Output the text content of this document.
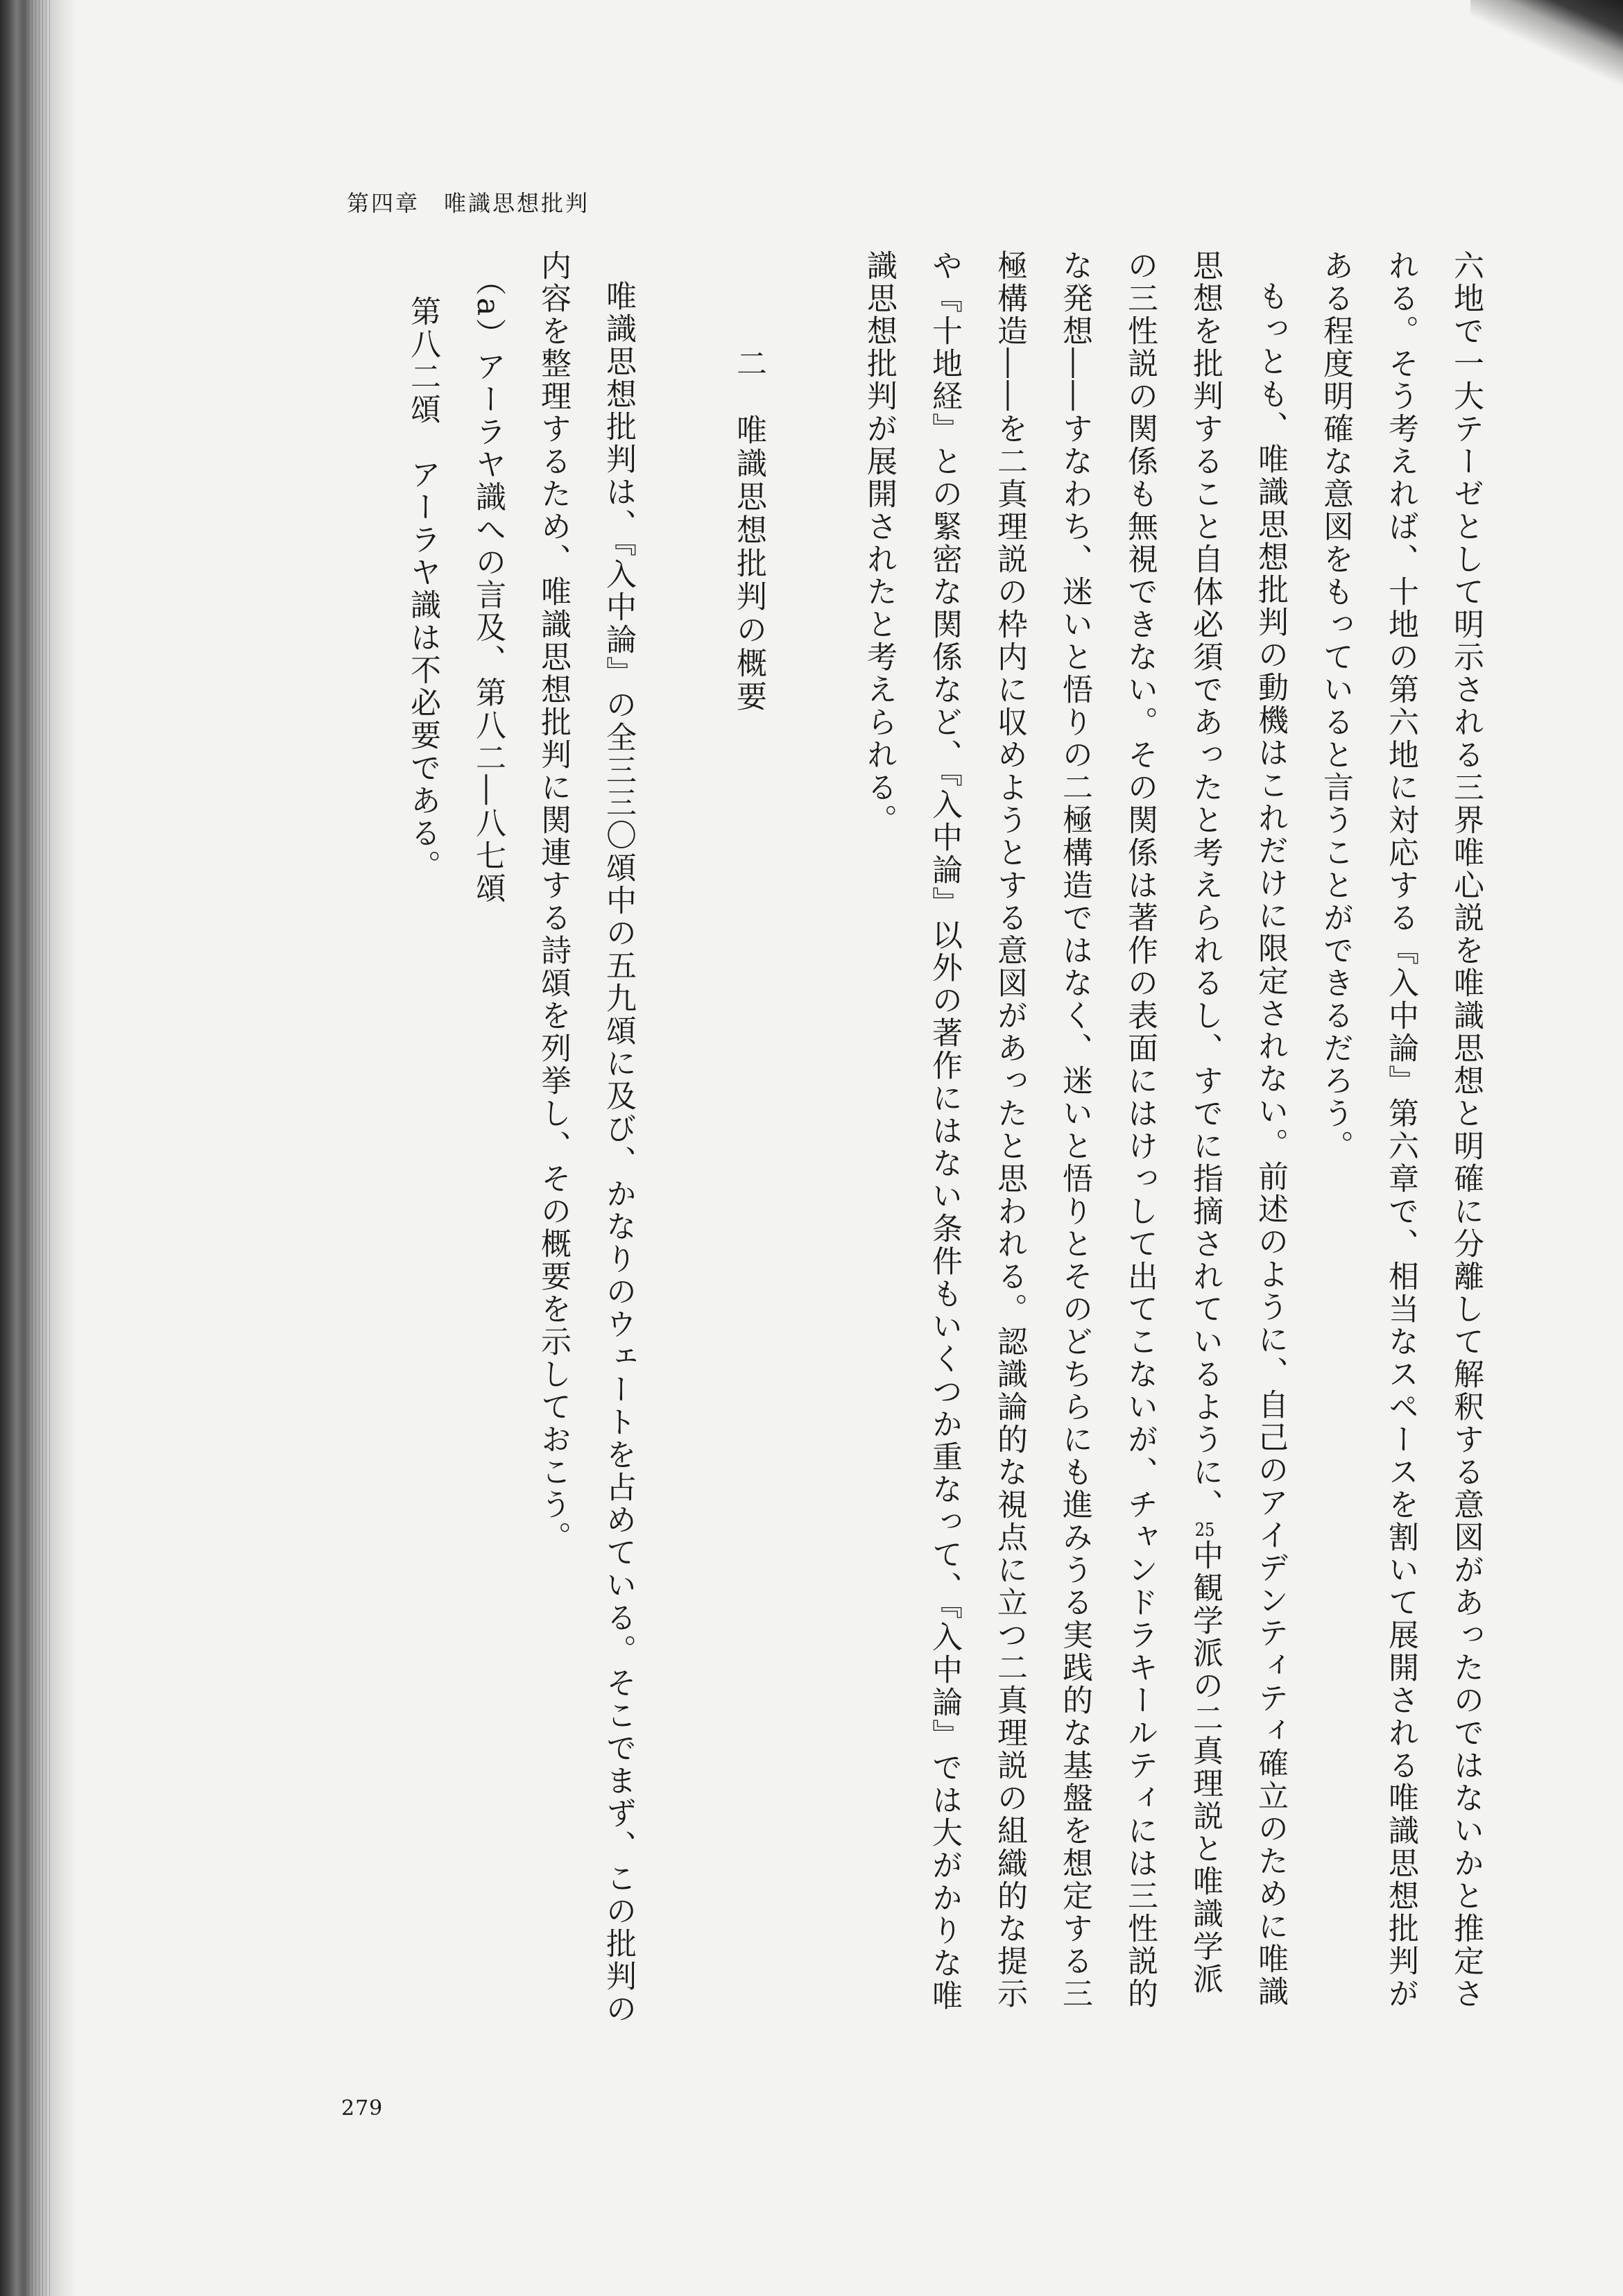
第四章　唯識思想批判

六地で一大テーゼとして明示される三界唯心説を唯識思想と明確に分離して解釈する意図があったのではないかと推定される。そう考えれば、十地の第六地に対応する『入中論』第六章で、相当なスペースを割いて展開される唯識思想批判がある程度明確な意図をもっていると言うことができるだろう。

もっとも、唯識思想批判の動機はこれだけに限定されない。前述のように、自己のアイデンティティ確立のために唯識思想を批判すること自体必須であったと考えられるし、すでに指摘されているように、25中観学派の二真理説と唯識学派の三性説の関係も無視できない。その関係は著作の表面にはけっして出てこないが、チャンドラキールティには三性説的な発想――すなわち、迷いと悟りの二極構造ではなく、迷いと悟りとそのどちらにも進みうる実践的な基盤を想定する三極構造――を二真理説の枠内に収めようとする意図があったと思われる。認識論的な視点に立つ二真理説の組織的な提示や『十地経』との緊密な関係など、『入中論』以外の著作にはない条件もいくつか重なって、『入中論』では大がかりな唯識思想批判が展開されたと考えられる。

二　唯識思想批判の概要

唯識思想批判は、『入中論』の全三三〇頌中の五九頌に及び、かなりのウェートを占めている。そこでまず、この批判の内容を整理するため、唯識思想批判に関連する詩頌を列挙し、その概要を示しておこう。

（a）アーラヤ識への言及、第八二―八七頌

第八二頌　アーラヤ識は不必要である。

279
